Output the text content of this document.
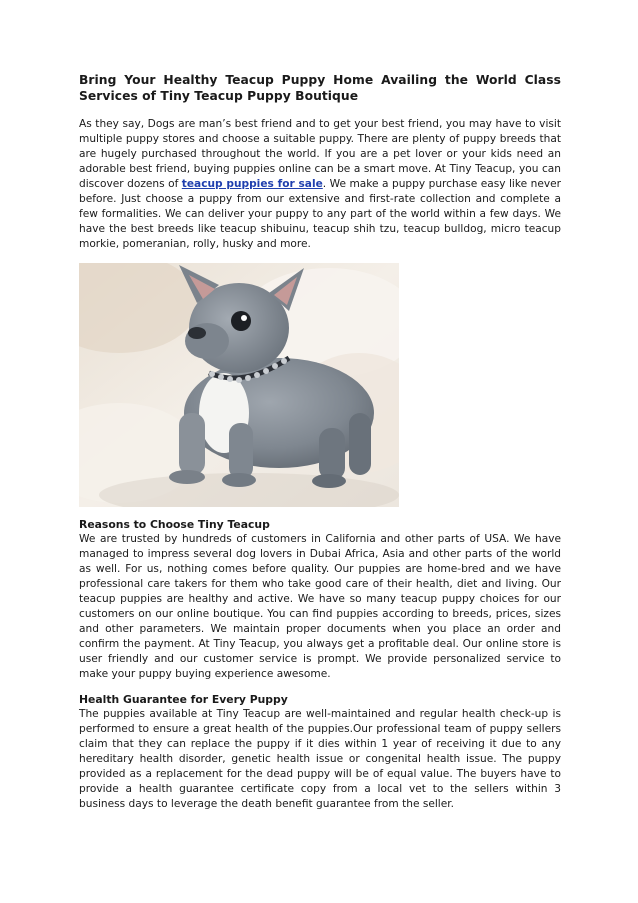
Bring Your Healthy Teacup Puppy Home Availing the World Class Services of Tiny Teacup Puppy Boutique

As they say, Dogs are man’s best friend and to get your best friend, you may have to visit multiple puppy stores and choose a suitable puppy. There are plenty of puppy breeds that are hugely purchased throughout the world. If you are a pet lover or your kids need an adorable best friend, buying puppies online can be a smart move. At Tiny Teacup, you can discover dozens of teacup puppies for sale. We make a puppy purchase easy like never before. Just choose a puppy from our extensive and first-rate collection and complete a few formalities. We can deliver your puppy to any part of the world within a few days. We have the best breeds like teacup shibuinu, teacup shih tzu, teacup bulldog, micro teacup morkie, pomeranian, rolly, husky and more.

Reasons to Choose Tiny Teacup

We are trusted by hundreds of customers in California and other parts of USA. We have managed to impress several dog lovers in Dubai Africa, Asia and other parts of the world as well. For us, nothing comes before quality. Our puppies are home-bred and we have professional care takers for them who take good care of their health, diet and living. Our teacup puppies are healthy and active. We have so many teacup puppy choices for our customers on our online boutique. You can find puppies according to breeds, prices, sizes and other parameters. We maintain proper documents when you place an order and confirm the payment. At Tiny Teacup, you always get a profitable deal. Our online store is user friendly and our customer service is prompt. We provide personalized service to make your puppy buying experience awesome.

Health Guarantee for Every Puppy

The puppies available at Tiny Teacup are well-maintained and regular health check-up is performed to ensure a great health of the puppies.Our professional team of puppy sellers claim that they can replace the puppy if it dies within 1 year of receiving it due to any hereditary health disorder, genetic health issue or congenital health issue. The puppy provided as a replacement for the dead puppy will be of equal value. The buyers have to provide a health guarantee certificate copy from a local vet to the sellers within 3 business days to leverage the death benefit guarantee from the seller.
